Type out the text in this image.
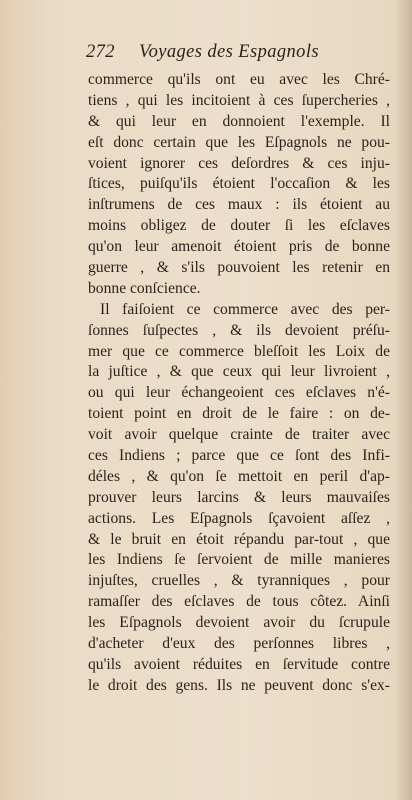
272 Voyages des Espagnols
commerce qu'ils ont eu avec les Chré-
tiens , qui les incitoient à ces ſupercheries ,
& qui leur en donnoient l'exemple. Il
eſt donc certain que les Eſpagnols ne pou-
voient ignorer ces deſordres & ces inju-
ſtices, puiſqu'ils étoient l'occaſion & les
inſtrumens de ces maux : ils étoient au
moins obligez de douter ſi les eſclaves
qu'on leur amenoit étoient pris de bonne
guerre , & s'ils pouvoient les retenir en
bonne conſcience.
Il faiſoient ce commerce avec des per-
ſonnes ſuſpectes , & ils devoient préſu-
mer que ce commerce bleſſoit les Loix de
la juſtice , & que ceux qui leur livroient ,
ou qui leur échangeoient ces eſclaves n'é-
toient point en droit de le faire : on de-
voit avoir quelque crainte de traiter avec
ces Indiens ; parce que ce ſont des Infi-
déles , & qu'on ſe mettoit en peril d'ap-
prouver leurs larcins & leurs mauvaiſes
actions. Les Eſpagnols ſçavoient aſſez ,
& le bruit en étoit répandu par-tout , que
les Indiens ſe ſervoient de mille manieres
injuſtes, cruelles , & tyranniques , pour
ramaſſer des eſclaves de tous côtez. Ainſi
les Eſpagnols devoient avoir du ſcrupule
d'acheter d'eux des perſonnes libres ,
qu'ils avoient réduites en ſervitude contre
le droit des gens. Ils ne peuvent donc s'ex-
